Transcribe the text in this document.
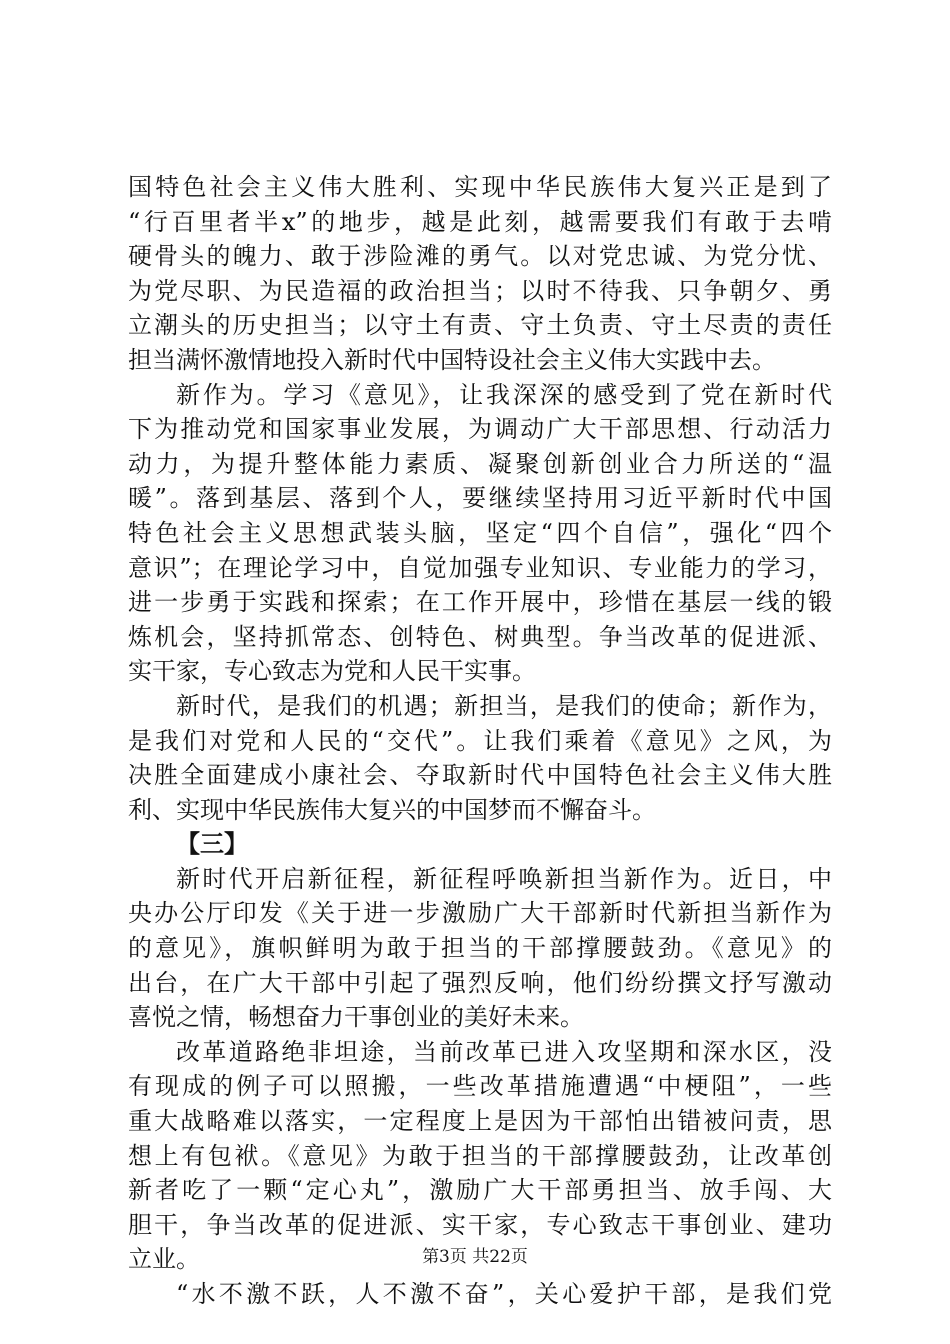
国特色社会主义伟大胜利、实现中华民族伟大复兴正是到了
“行百里者半x”的地步，越是此刻，越需要我们有敢于去啃
硬骨头的魄力、敢于涉险滩的勇气。以对党忠诚、为党分忧、
为党尽职、为民造福的政治担当；以时不待我、只争朝夕、勇
立潮头的历史担当；以守土有责、守土负责、守土尽责的责任
担当满怀激情地投入新时代中国特设社会主义伟大实践中去。
新作为。学习《意见》，让我深深的感受到了党在新时代
下为推动党和国家事业发展，为调动广大干部思想、行动活力
动力，为提升整体能力素质、凝聚创新创业合力所送的“温
暖”。落到基层、落到个人，要继续坚持用习近平新时代中国
特色社会主义思想武装头脑，坚定“四个自信”，强化“四个
意识”；在理论学习中，自觉加强专业知识、专业能力的学习，
进一步勇于实践和探索；在工作开展中，珍惜在基层一线的锻
炼机会，坚持抓常态、创特色、树典型。争当改革的促进派、
实干家，专心致志为党和人民干实事。
新时代，是我们的机遇；新担当，是我们的使命；新作为，
是我们对党和人民的“交代”。让我们乘着《意见》之风，为
决胜全面建成小康社会、夺取新时代中国特色社会主义伟大胜
利、实现中华民族伟大复兴的中国梦而不懈奋斗。
【三】
新时代开启新征程，新征程呼唤新担当新作为。近日，中
央办公厅印发《关于进一步激励广大干部新时代新担当新作为
的意见》，旗帜鲜明为敢于担当的干部撑腰鼓劲。《意见》的
出台，在广大干部中引起了强烈反响，他们纷纷撰文抒写激动
喜悦之情，畅想奋力干事创业的美好未来。
改革道路绝非坦途，当前改革已进入攻坚期和深水区，没
有现成的例子可以照搬，一些改革措施遭遇“中梗阻”，一些
重大战略难以落实，一定程度上是因为干部怕出错被问责，思
想上有包袱。《意见》为敢于担当的干部撑腰鼓劲，让改革创
新者吃了一颗“定心丸”，激励广大干部勇担当、放手闯、大
胆干，争当改革的促进派、实干家，专心致志干事创业、建功
立业。
“水不激不跃，人不激不奋”，关心爱护干部，是我们党
第3页 共22页
